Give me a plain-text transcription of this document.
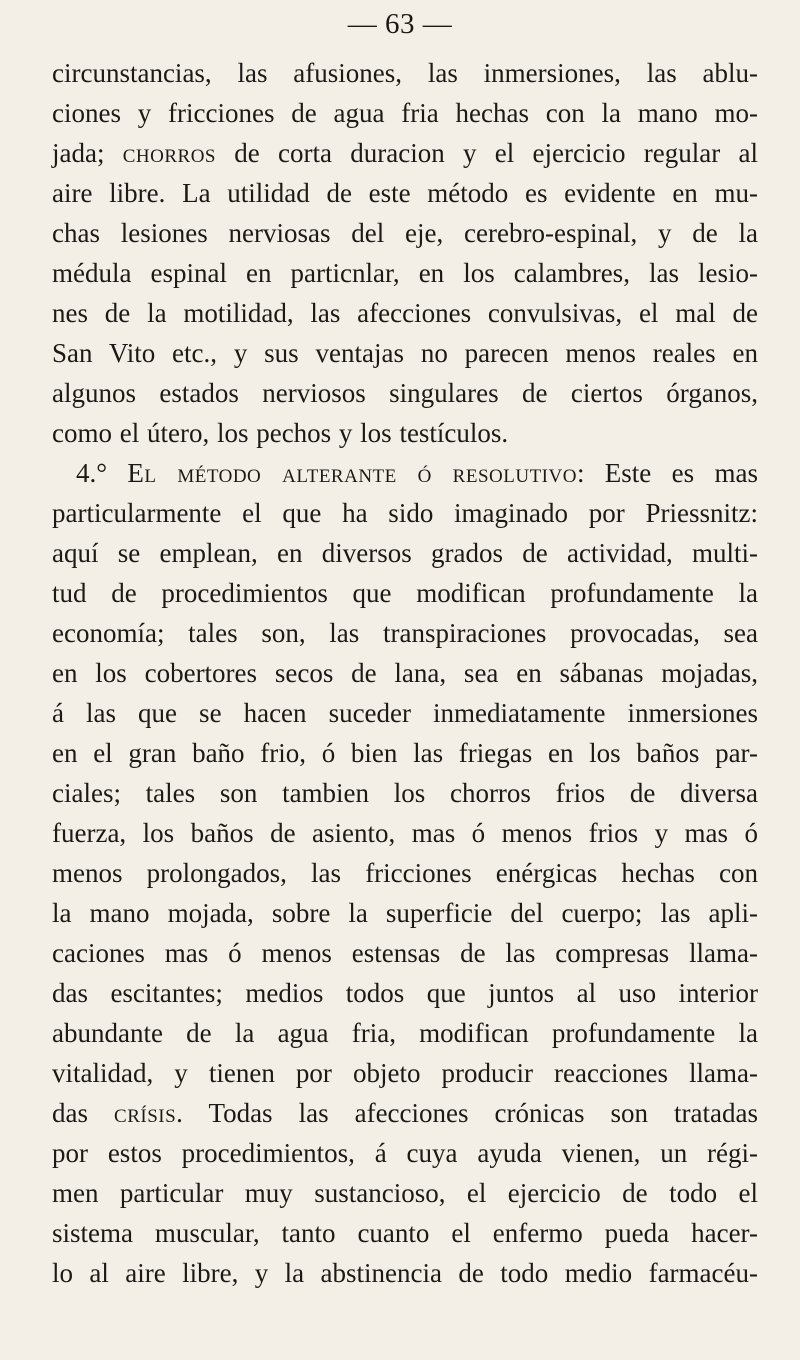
— 63 —
circunstancias, las afusiones, las inmersiones, las ablu-
ciones y fricciones de agua fria hechas con la mano mo-
jada; chorros de corta duracion y el ejercicio regular al
aire libre. La utilidad de este método es evidente en mu-
chas lesiones nerviosas del eje, cerebro-espinal, y de la
médula espinal en particnlar, en los calambres, las lesio-
nes de la motilidad, las afecciones convulsivas, el mal de
San Vito etc., y sus ventajas no parecen menos reales en
algunos estados nerviosos singulares de ciertos órganos,
como el útero, los pechos y los testículos.
4.° El método alterante ó resolutivo: Este es mas
particularmente el que ha sido imaginado por Priessnitz:
aquí se emplean, en diversos grados de actividad, multi-
tud de procedimientos que modifican profundamente la
economía; tales son, las transpiraciones provocadas, sea
en los cobertores secos de lana, sea en sábanas mojadas,
á las que se hacen suceder inmediatamente inmersiones
en el gran baño frio, ó bien las friegas en los baños par-
ciales; tales son tambien los chorros frios de diversa
fuerza, los baños de asiento, mas ó menos frios y mas ó
menos prolongados, las fricciones enérgicas hechas con
la mano mojada, sobre la superficie del cuerpo; las apli-
caciones mas ó menos estensas de las compresas llama-
das escitantes; medios todos que juntos al uso interior
abundante de la agua fria, modifican profundamente la
vitalidad, y tienen por objeto producir reacciones llama-
das crísis. Todas las afecciones crónicas son tratadas
por estos procedimientos, á cuya ayuda vienen, un régi-
men particular muy sustancioso, el ejercicio de todo el
sistema muscular, tanto cuanto el enfermo pueda hacer-
lo al aire libre, y la abstinencia de todo medio farmacéu-
